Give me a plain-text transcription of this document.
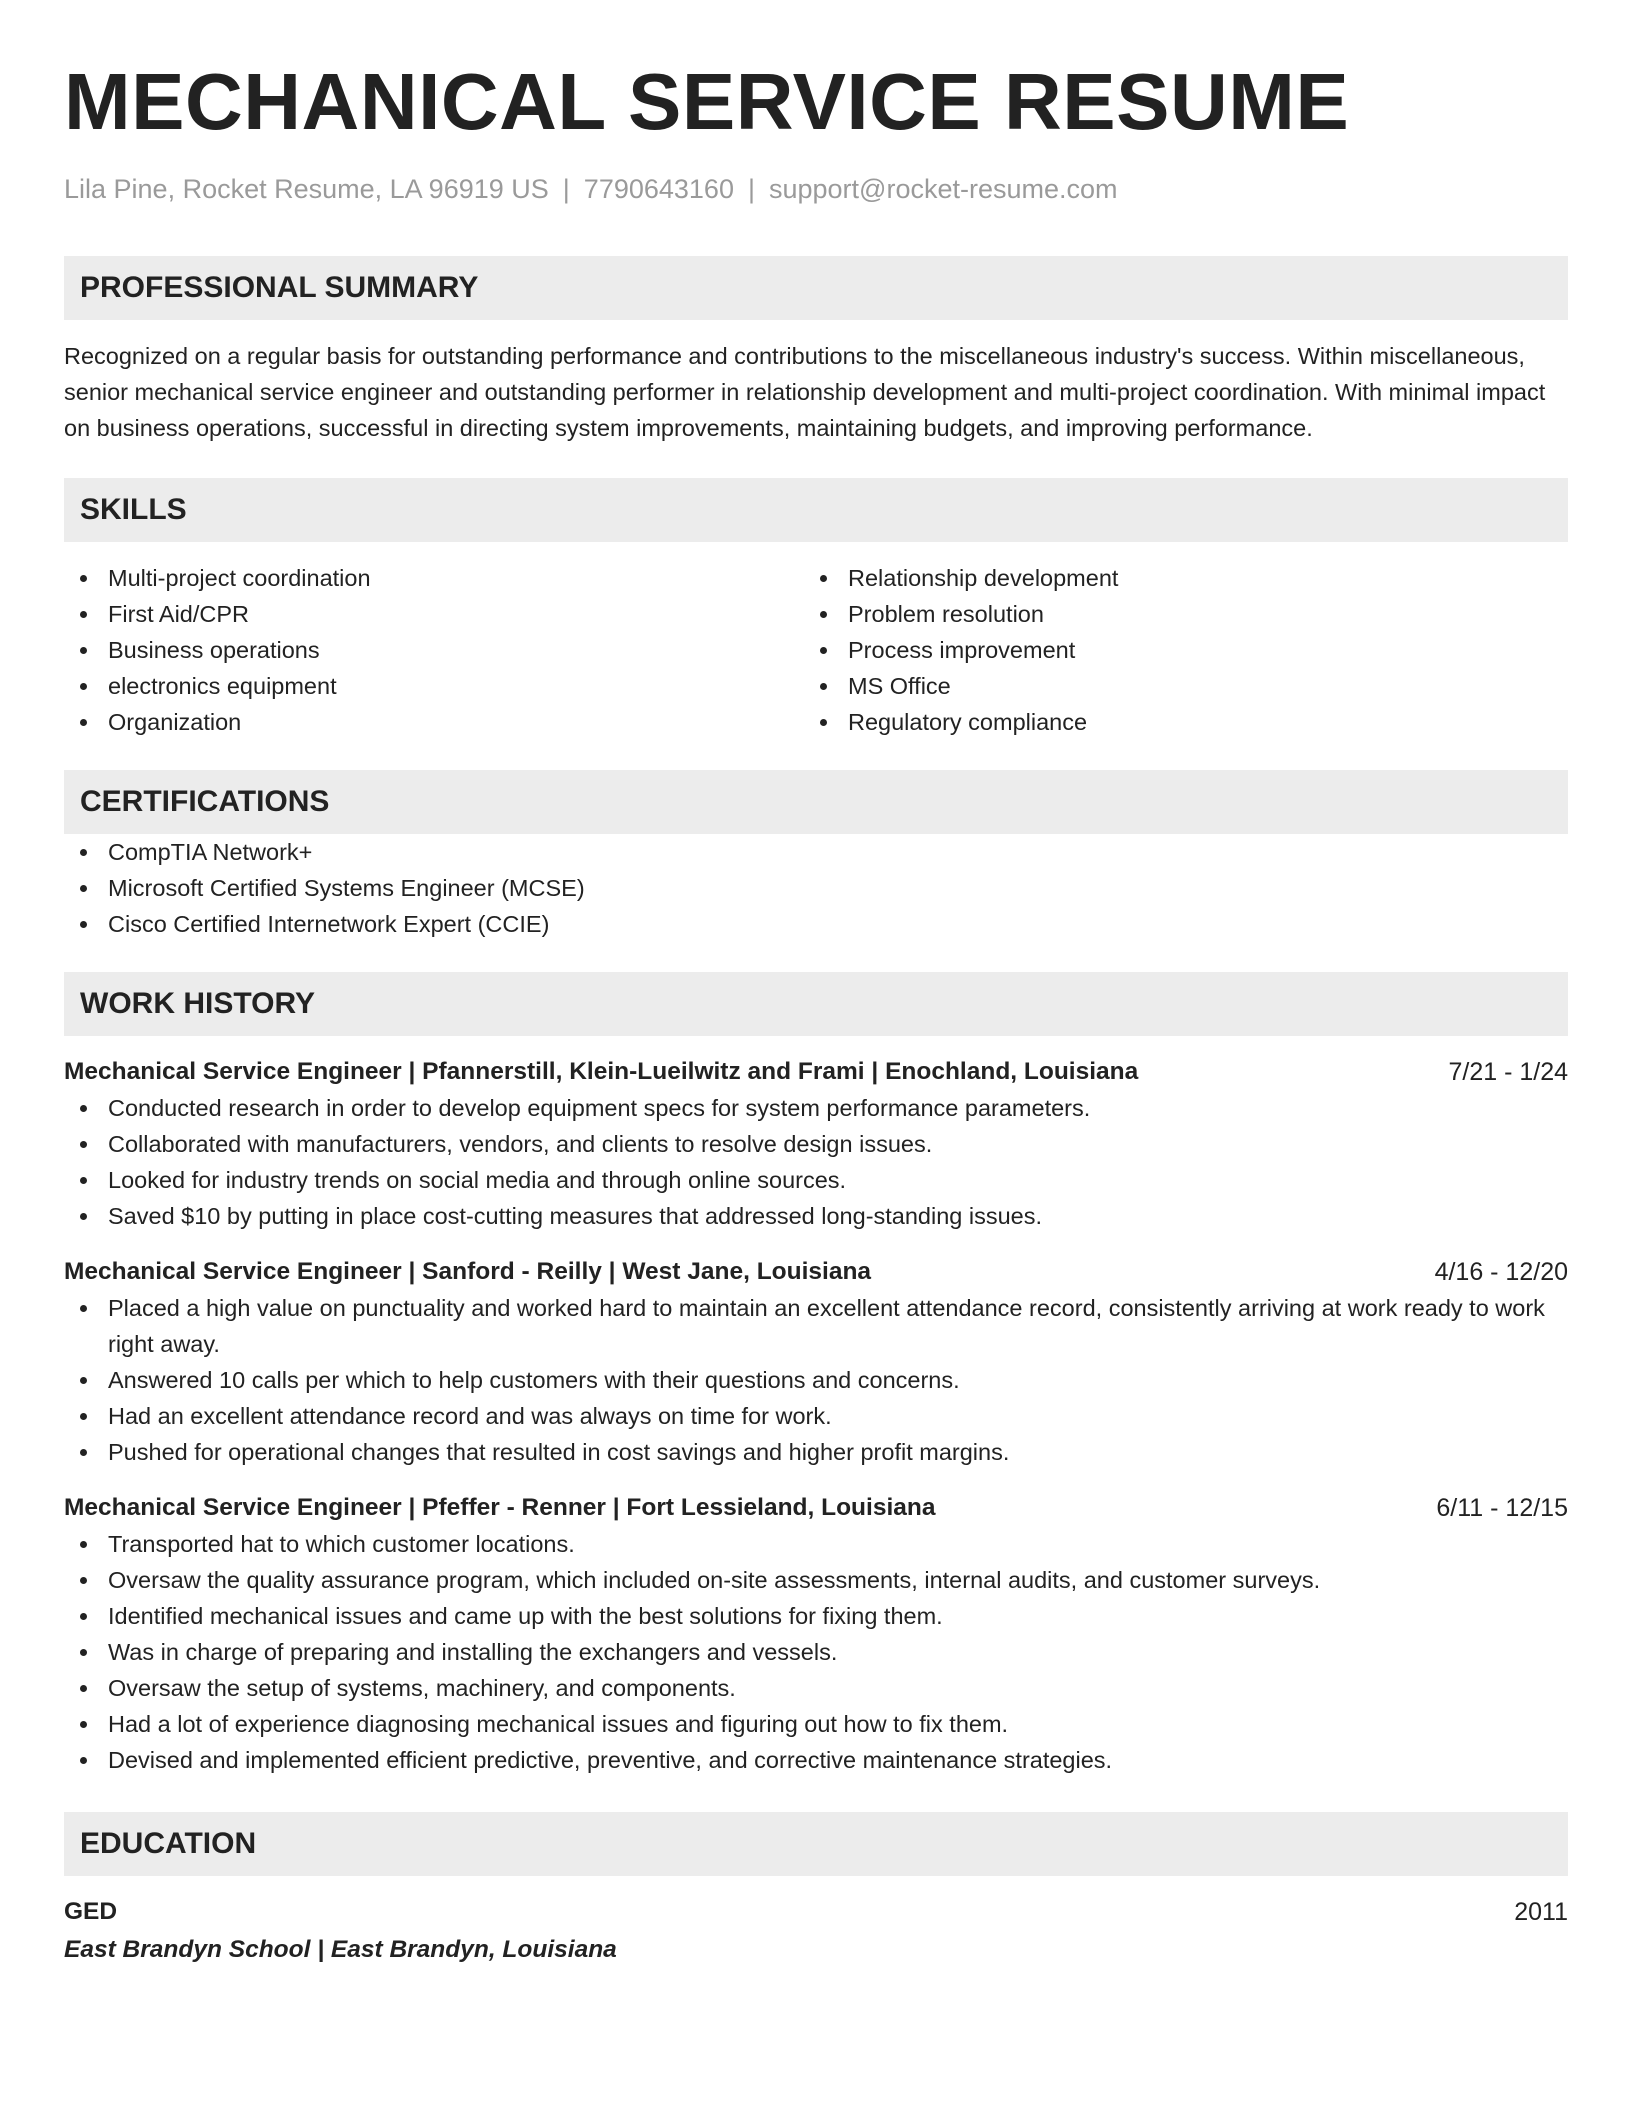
MECHANICAL SERVICE RESUME
Lila Pine, Rocket Resume, LA 96919 US | 7790643160 | support@rocket-resume.com
PROFESSIONAL SUMMARY
Recognized on a regular basis for outstanding performance and contributions to the miscellaneous industry's success. Within miscellaneous, senior mechanical service engineer and outstanding performer in relationship development and multi-project coordination. With minimal impact on business operations, successful in directing system improvements, maintaining budgets, and improving performance.
SKILLS
Multi-project coordination
First Aid/CPR
Business operations
electronics equipment
Organization
Relationship development
Problem resolution
Process improvement
MS Office
Regulatory compliance
CERTIFICATIONS
CompTIA Network+
Microsoft Certified Systems Engineer (MCSE)
Cisco Certified Internetwork Expert (CCIE)
WORK HISTORY
Mechanical Service Engineer | Pfannerstill, Klein-Lueilwitz and Frami | Enochland, Louisiana	7/21 - 1/24
Conducted research in order to develop equipment specs for system performance parameters.
Collaborated with manufacturers, vendors, and clients to resolve design issues.
Looked for industry trends on social media and through online sources.
Saved $10 by putting in place cost-cutting measures that addressed long-standing issues.
Mechanical Service Engineer | Sanford - Reilly | West Jane, Louisiana	4/16 - 12/20
Placed a high value on punctuality and worked hard to maintain an excellent attendance record, consistently arriving at work ready to work right away.
Answered 10 calls per which to help customers with their questions and concerns.
Had an excellent attendance record and was always on time for work.
Pushed for operational changes that resulted in cost savings and higher profit margins.
Mechanical Service Engineer | Pfeffer - Renner | Fort Lessieland, Louisiana	6/11 - 12/15
Transported hat to which customer locations.
Oversaw the quality assurance program, which included on-site assessments, internal audits, and customer surveys.
Identified mechanical issues and came up with the best solutions for fixing them.
Was in charge of preparing and installing the exchangers and vessels.
Oversaw the setup of systems, machinery, and components.
Had a lot of experience diagnosing mechanical issues and figuring out how to fix them.
Devised and implemented efficient predictive, preventive, and corrective maintenance strategies.
EDUCATION
GED	2011
East Brandyn School | East Brandyn, Louisiana
